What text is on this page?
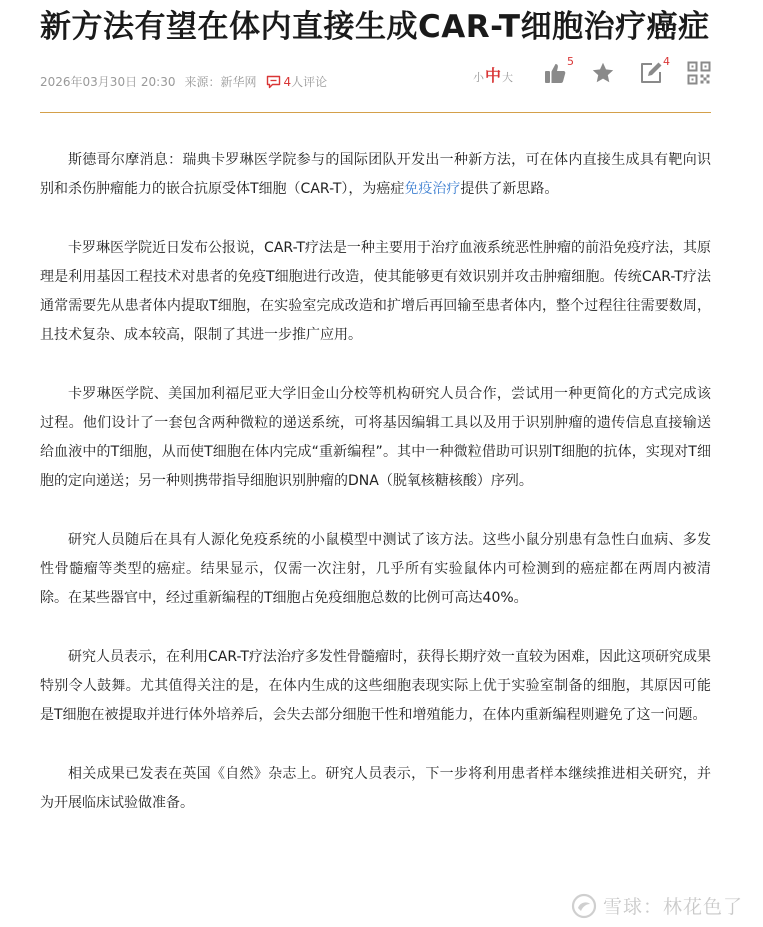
新方法有望在体内直接生成CAR-T细胞治疗癌症
2026年03月30日 20:30 来源：新华网 4 人评论	小 中 大
5	4

斯德哥尔摩消息：瑞典卡罗琳医学院参与的国际团队开发出一种新方法，可在体内直接生成具有靶向识别和杀伤肿瘤能力的嵌合抗原受体T细胞（CAR-T），为癌症免疫治疗提供了新思路。

卡罗琳医学院近日发布公报说，CAR-T疗法是一种主要用于治疗血液系统恶性肿瘤的前沿免疫疗法，其原理是利用基因工程技术对患者的免疫T细胞进行改造，使其能够更有效识别并攻击肿瘤细胞。传统CAR-T疗法通常需要先从患者体内提取T细胞，在实验室完成改造和扩增后再回输至患者体内，整个过程往往需要数周，且技术复杂、成本较高，限制了其进一步推广应用。

卡罗琳医学院、美国加利福尼亚大学旧金山分校等机构研究人员合作，尝试用一种更简化的方式完成该过程。他们设计了一套包含两种微粒的递送系统，可将基因编辑工具以及用于识别肿瘤的遗传信息直接输送给血液中的T细胞，从而使T细胞在体内完成“重新编程”。其中一种微粒借助可识别T细胞的抗体，实现对T细胞的定向递送；另一种则携带指导细胞识别肿瘤的DNA（脱氧核糖核酸）序列。

研究人员随后在具有人源化免疫系统的小鼠模型中测试了该方法。这些小鼠分别患有急性白血病、多发性骨髓瘤等类型的癌症。结果显示，仅需一次注射，几乎所有实验鼠体内可检测到的癌症都在两周内被清除。在某些器官中，经过重新编程的T细胞占免疫细胞总数的比例可高达40%。

研究人员表示，在利用CAR-T疗法治疗多发性骨髓瘤时，获得长期疗效一直较为困难，因此这项研究成果特别令人鼓舞。尤其值得关注的是，在体内生成的这些细胞表现实际上优于实验室制备的细胞，其原因可能是T细胞在被提取并进行体外培养后，会失去部分细胞干性和增殖能力，在体内重新编程则避免了这一问题。

相关成果已发表在英国《自然》杂志上。研究人员表示，下一步将利用患者样本继续推进相关研究，并为开展临床试验做准备。

雪球：林花色了
